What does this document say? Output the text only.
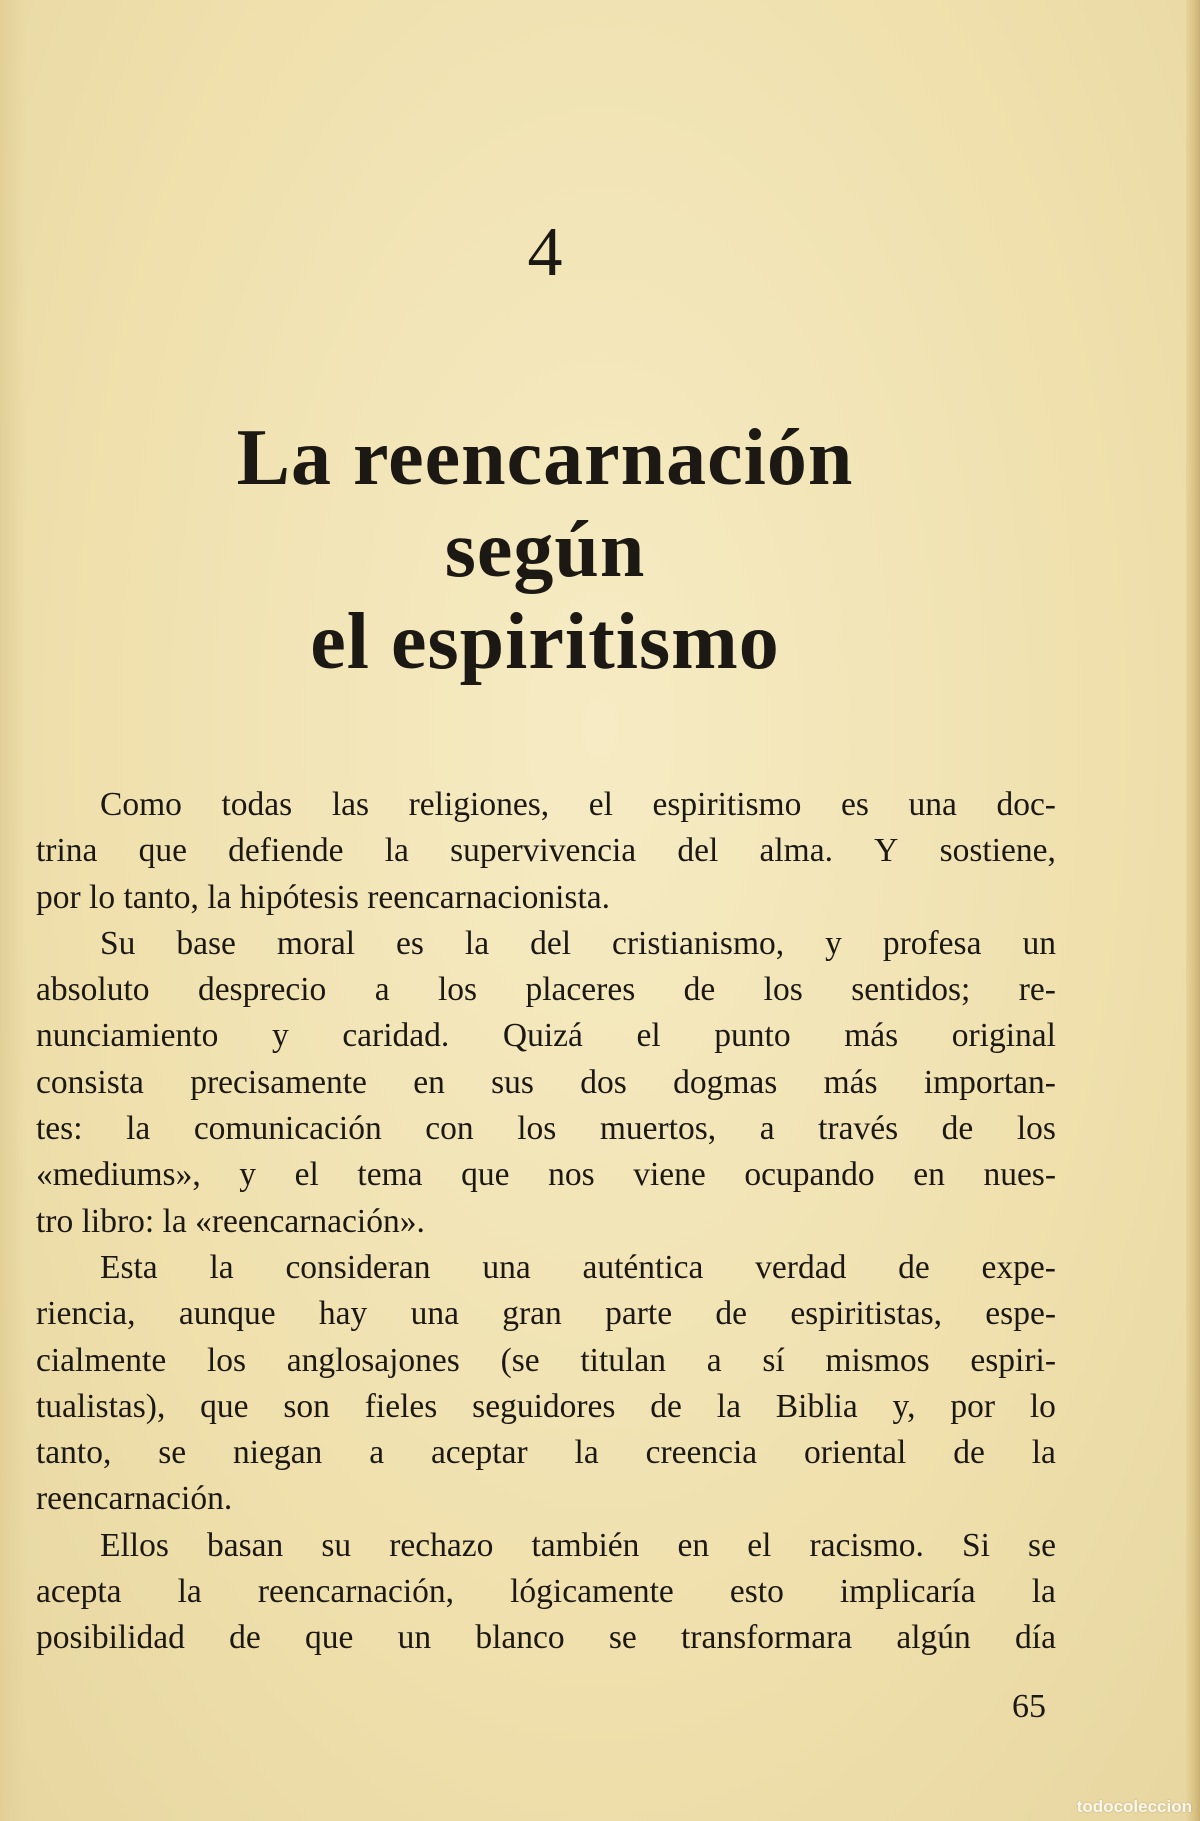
4
La reencarnación
según
el espiritismo
Como todas las religiones, el espiritismo es una doc-
trina que defiende la supervivencia del alma. Y sostiene,
por lo tanto, la hipótesis reencarnacionista.
Su base moral es la del cristianismo, y profesa un
absoluto desprecio a los placeres de los sentidos; re-
nunciamiento y caridad. Quizá el punto más original
consista precisamente en sus dos dogmas más importan-
tes: la comunicación con los muertos, a través de los
«mediums», y el tema que nos viene ocupando en nues-
tro libro: la «reencarnación».
Esta la consideran una auténtica verdad de expe-
riencia, aunque hay una gran parte de espiritistas, espe-
cialmente los anglosajones (se titulan a sí mismos espiri-
tualistas), que son fieles seguidores de la Biblia y, por lo
tanto, se niegan a aceptar la creencia oriental de la
reencarnación.
Ellos basan su rechazo también en el racismo. Si se
acepta la reencarnación, lógicamente esto implicaría la
posibilidad de que un blanco se transformara algún día
65
todocoleccion
